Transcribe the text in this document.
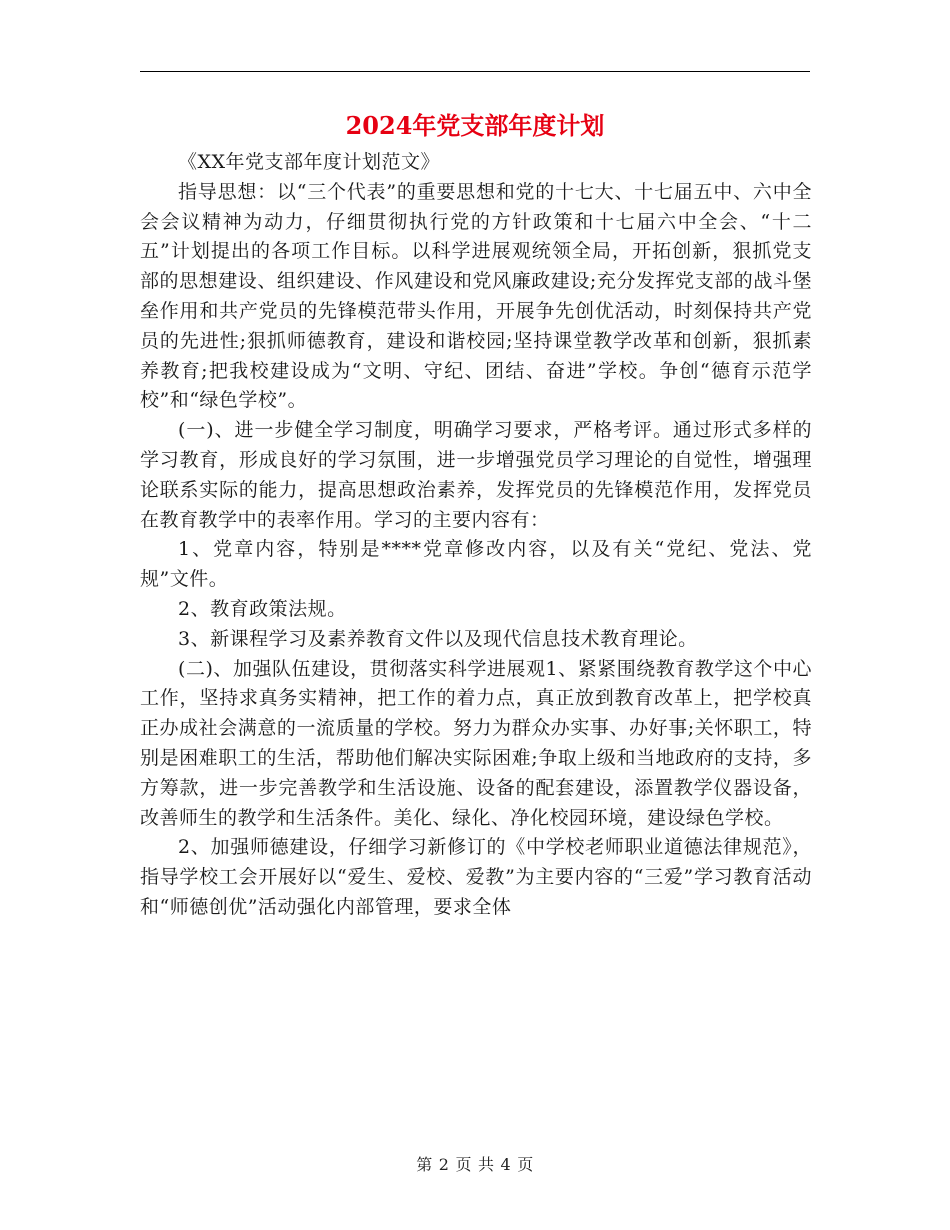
2024年党支部年度计划

《XX年党支部年度计划范文》

指导思想：以“三个代表”的重要思想和党的十七大、十七届五中、六中全会会议精神为动力，仔细贯彻执行党的方针政策和十七届六中全会、“十二五”计划提出的各项工作目标。以科学进展观统领全局，开拓创新，狠抓党支部的思想建设、组织建设、作风建设和党风廉政建设;充分发挥党支部的战斗堡垒作用和共产党员的先锋模范带头作用，开展争先创优活动，时刻保持共产党员的先进性;狠抓师德教育，建设和谐校园;坚持课堂教学改革和创新，狠抓素养教育;把我校建设成为“文明、守纪、团结、奋进”学校。争创“德育示范学校”和“绿色学校”。

(一)、进一步健全学习制度，明确学习要求，严格考评。通过形式多样的学习教育，形成良好的学习氛围，进一步增强党员学习理论的自觉性，增强理论联系实际的能力，提高思想政治素养，发挥党员的先锋模范作用，发挥党员在教育教学中的表率作用。学习的主要内容有：

1、党章内容，特别是****党章修改内容，以及有关“党纪、党法、党规”文件。

2、教育政策法规。

3、新课程学习及素养教育文件以及现代信息技术教育理论。

(二)、加强队伍建设，贯彻落实科学进展观1、紧紧围绕教育教学这个中心工作，坚持求真务实精神，把工作的着力点，真正放到教育改革上，把学校真正办成社会满意的一流质量的学校。努力为群众办实事、办好事;关怀职工，特别是困难职工的生活，帮助他们解决实际困难;争取上级和当地政府的支持，多方筹款，进一步完善教学和生活设施、设备的配套建设，添置教学仪器设备，改善师生的教学和生活条件。美化、绿化、净化校园环境，建设绿色学校。

2、加强师德建设，仔细学习新修订的《中学校老师职业道德法律规范》，指导学校工会开展好以“爱生、爱校、爱教”为主要内容的“三爱”学习教育活动和“师德创优”活动强化内部管理，要求全体

第 2 页 共 4 页
